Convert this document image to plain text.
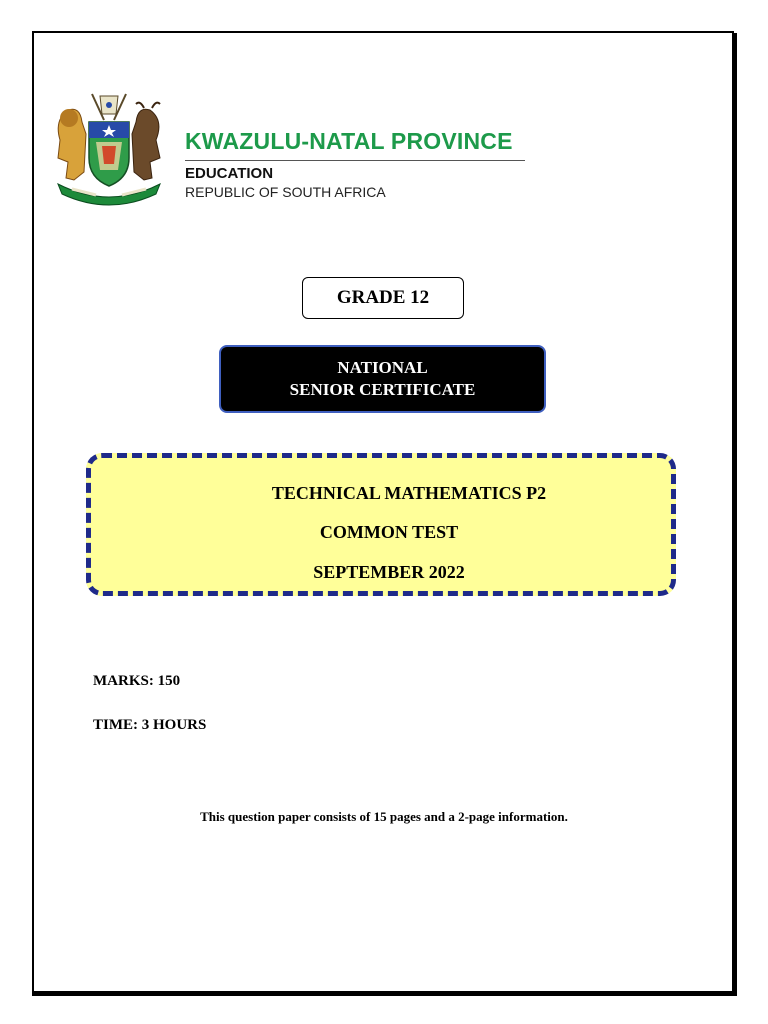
KWAZULU-NATAL PROVINCE
EDUCATION
REPUBLIC OF SOUTH AFRICA
GRADE 12
NATIONAL
SENIOR CERTIFICATE
TECHNICAL MATHEMATICS P2
COMMON TEST
SEPTEMBER 2022
MARKS: 150
TIME: 3 HOURS
This question paper consists of 15 pages and a 2-page information.
